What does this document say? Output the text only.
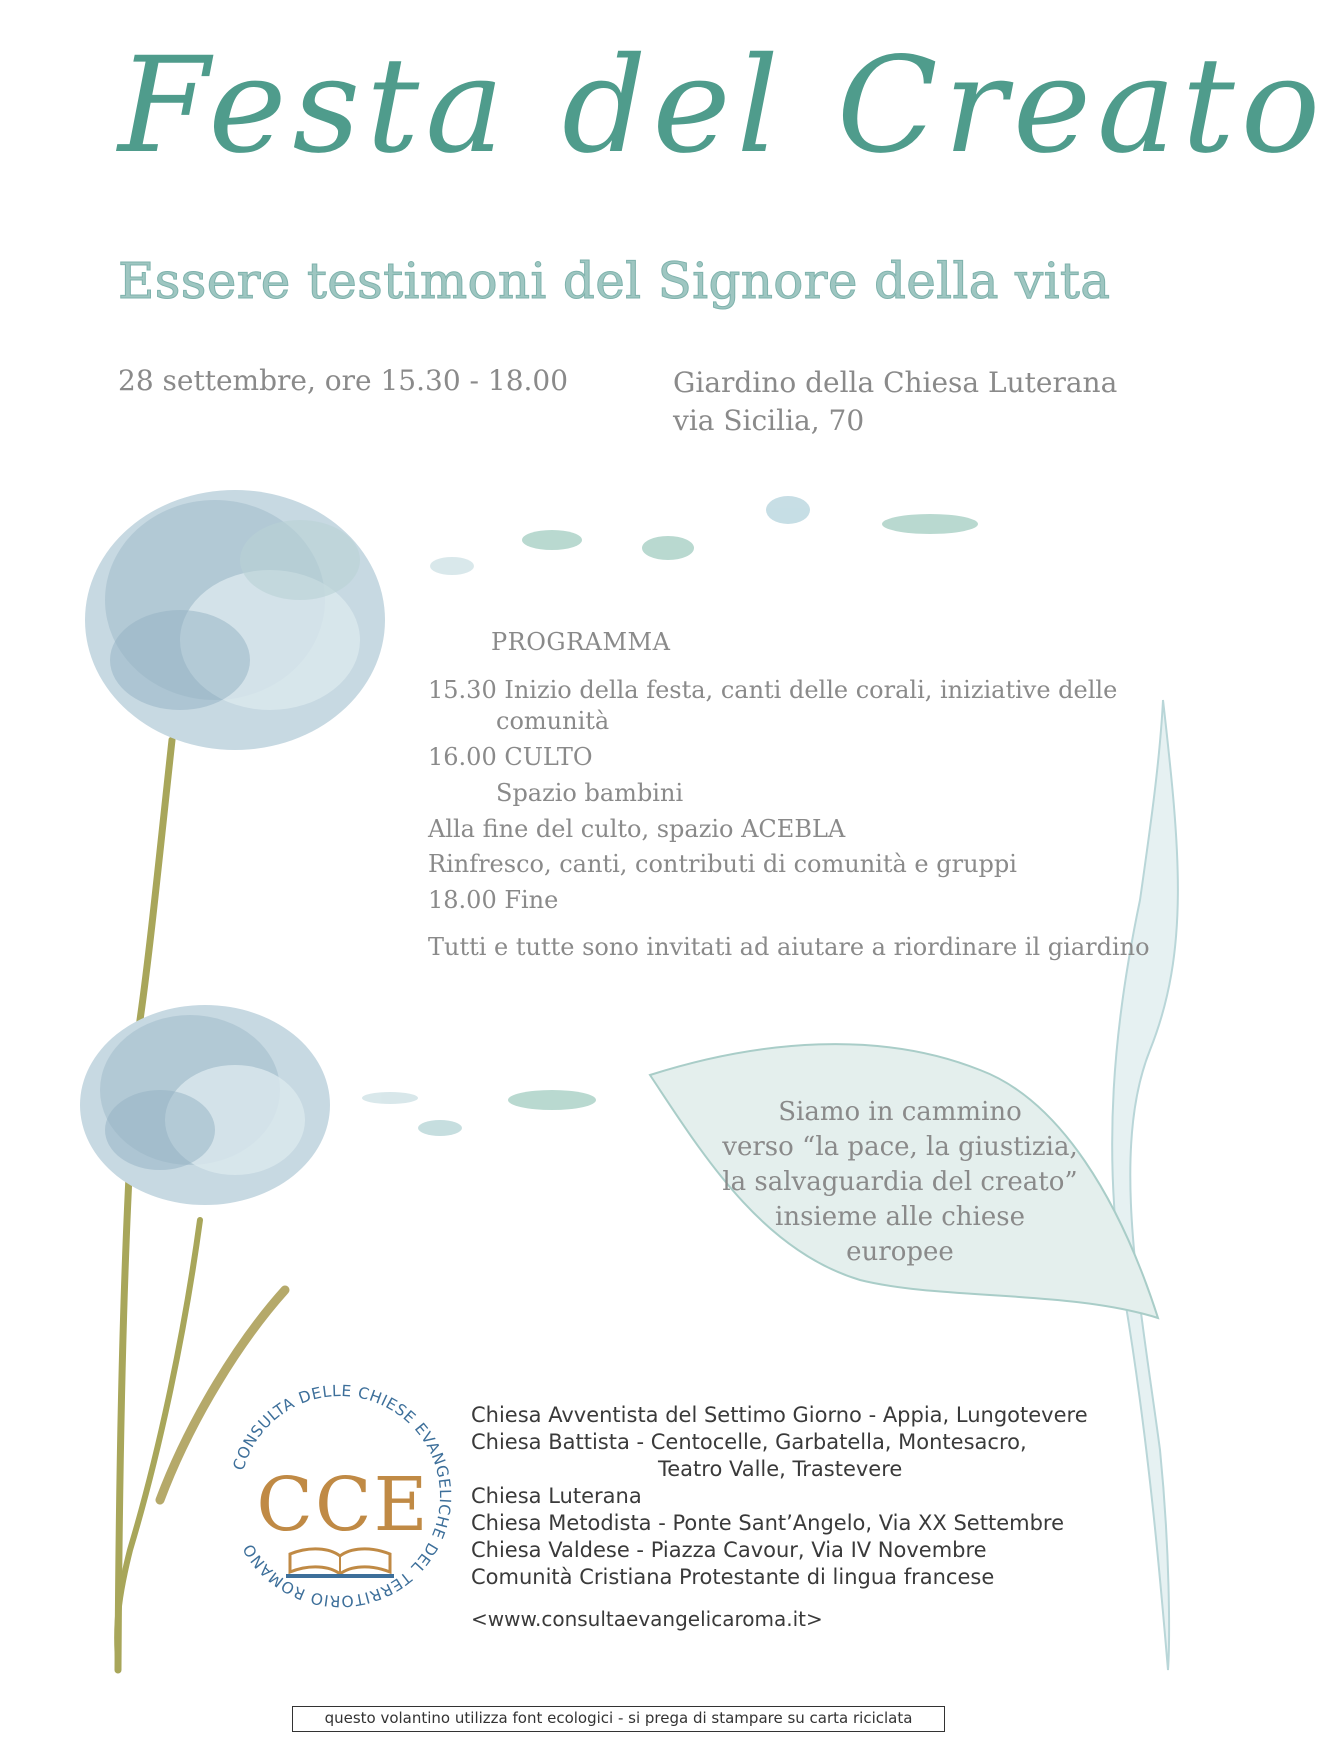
Festa del Creato
Essere testimoni del Signore della vita
28 settembre, ore 15.30 - 18.00	Giardino della Chiesa Luterana
via Sicilia, 70
PROGRAMMA
15.30 Inizio della festa, canti delle corali, iniziative delle
comunità
16.00 CULTO
Spazio bambini
Alla fine del culto, spazio ACEBLA
Rinfresco, canti, contributi di comunità e gruppi
18.00 Fine
Tutti e tutte sono invitati ad aiutare a riordinare il giardino
Siamo in cammino
verso “la pace, la giustizia,
la salvaguardia del creato”
insieme alle chiese
europee
CONSULTA DELLE CHIESE EVANGELICHE DEL TERRITORIO ROMANO
CCE
Chiesa Avventista del Settimo Giorno - Appia, Lungotevere
Chiesa Battista - Centocelle, Garbatella, Montesacro,
Teatro Valle, Trastevere
Chiesa Luterana
Chiesa Metodista - Ponte Sant’Angelo, Via XX Settembre
Chiesa Valdese - Piazza Cavour, Via IV Novembre
Comunità Cristiana Protestante di lingua francese
<www.consultaevangelicaroma.it>
questo volantino utilizza font ecologici - si prega di stampare su carta riciclata
